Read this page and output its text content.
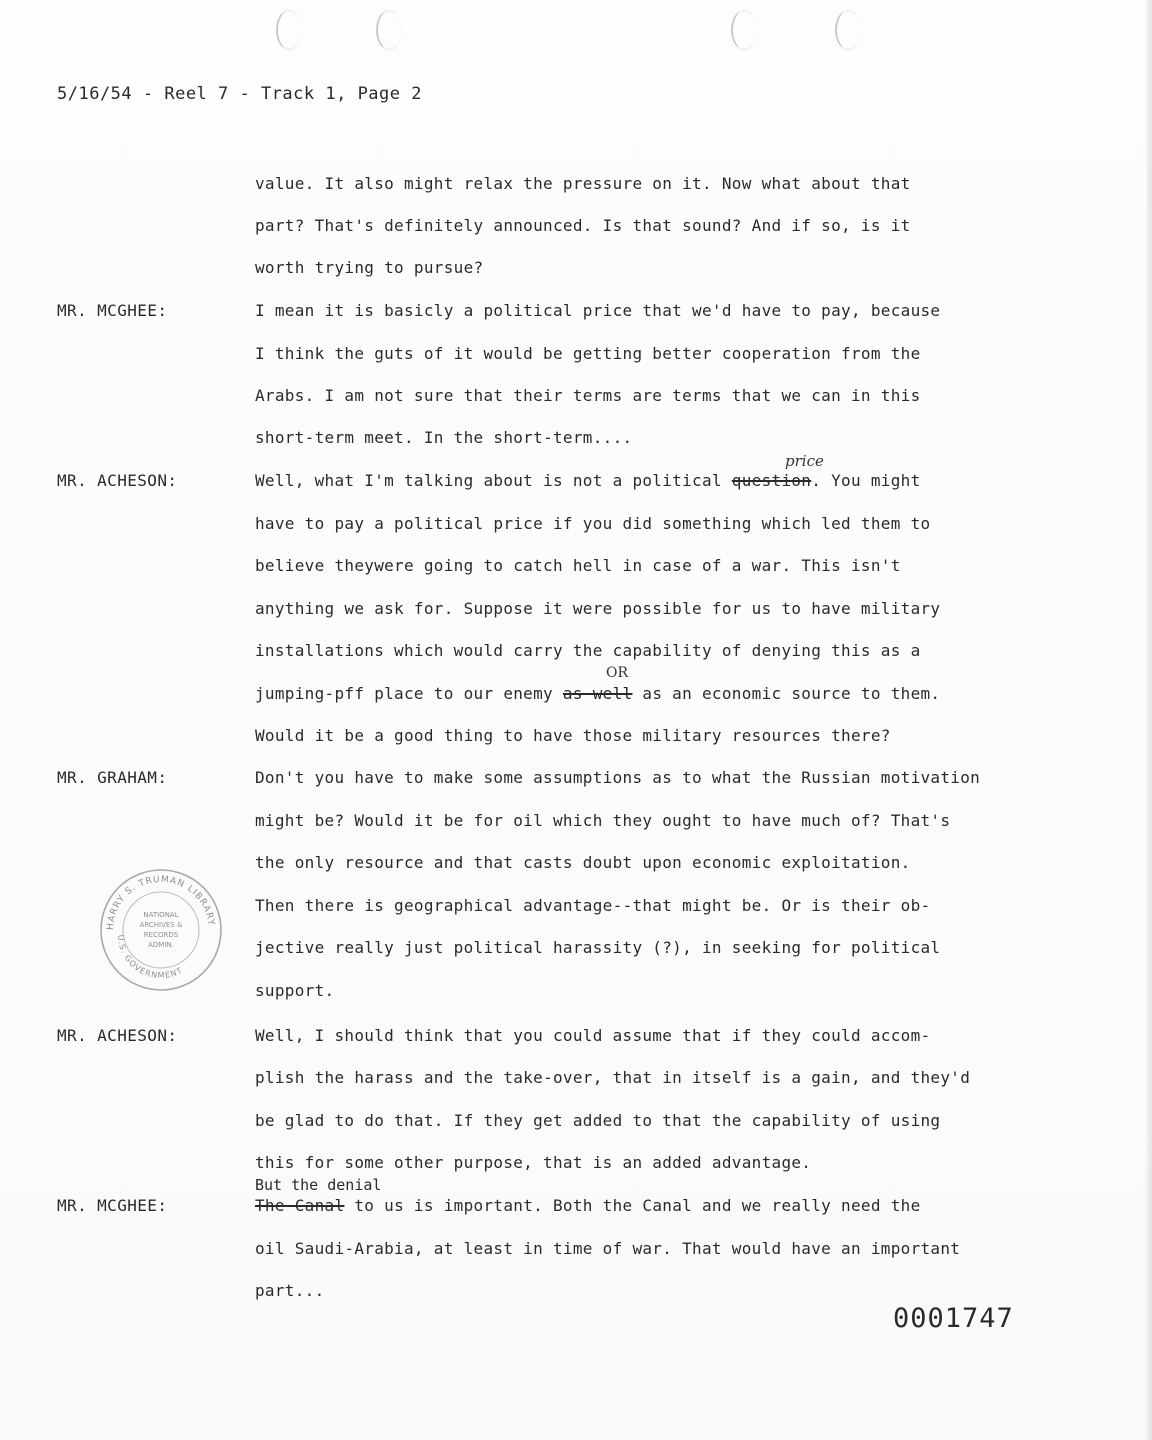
5/16/54 - Reel 7 - Track 1, Page 2
value. It also might relax the pressure on it. Now what about that
part? That's definitely announced. Is that sound? And if so, is it
worth trying to pursue?
MR. MCGHEE:	I mean it is basicly a political price that we'd have to pay, because
I think the guts of it would be getting better cooperation from the
Arabs. I am not sure that their terms are terms that we can in this
short-term meet. In the short-term....
MR. ACHESON:	Well, what I'm talking about is not a political question. You might
have to pay a political price if you did something which led them to
believe theywere going to catch hell in case of a war. This isn't
anything we ask for. Suppose it were possible for us to have military
installations which would carry the capability of denying this as a
jumping-pff place to our enemy as well as an economic source to them.
Would it be a good thing to have those military resources there?
MR. GRAHAM:	Don't you have to make some assumptions as to what the Russian motivation
might be? Would it be for oil which they ought to have much of? That's
the only resource and that casts doubt upon economic exploitation.
Then there is geographical advantage--that might be. Or is their ob-
jective really just political harassity (?), in seeking for political
support.
MR. ACHESON:	Well, I should think that you could assume that if they could accom-
plish the harass and the take-over, that in itself is a gain, and they'd
be glad to do that. If they get added to that the capability of using
this for some other purpose, that is an added advantage.
But the denial
MR. MCGHEE:	The Canal to us is important. Both the Canal and we really need the
oil Saudi-Arabia, at least in time of war. That would have an important
part...
price
OR
HARRY S. TRUMAN LIBRARY
U.S. GOVERNMENT
NATIONAL
ARCHIVES &
RECORDS
ADMIN.
0001747
